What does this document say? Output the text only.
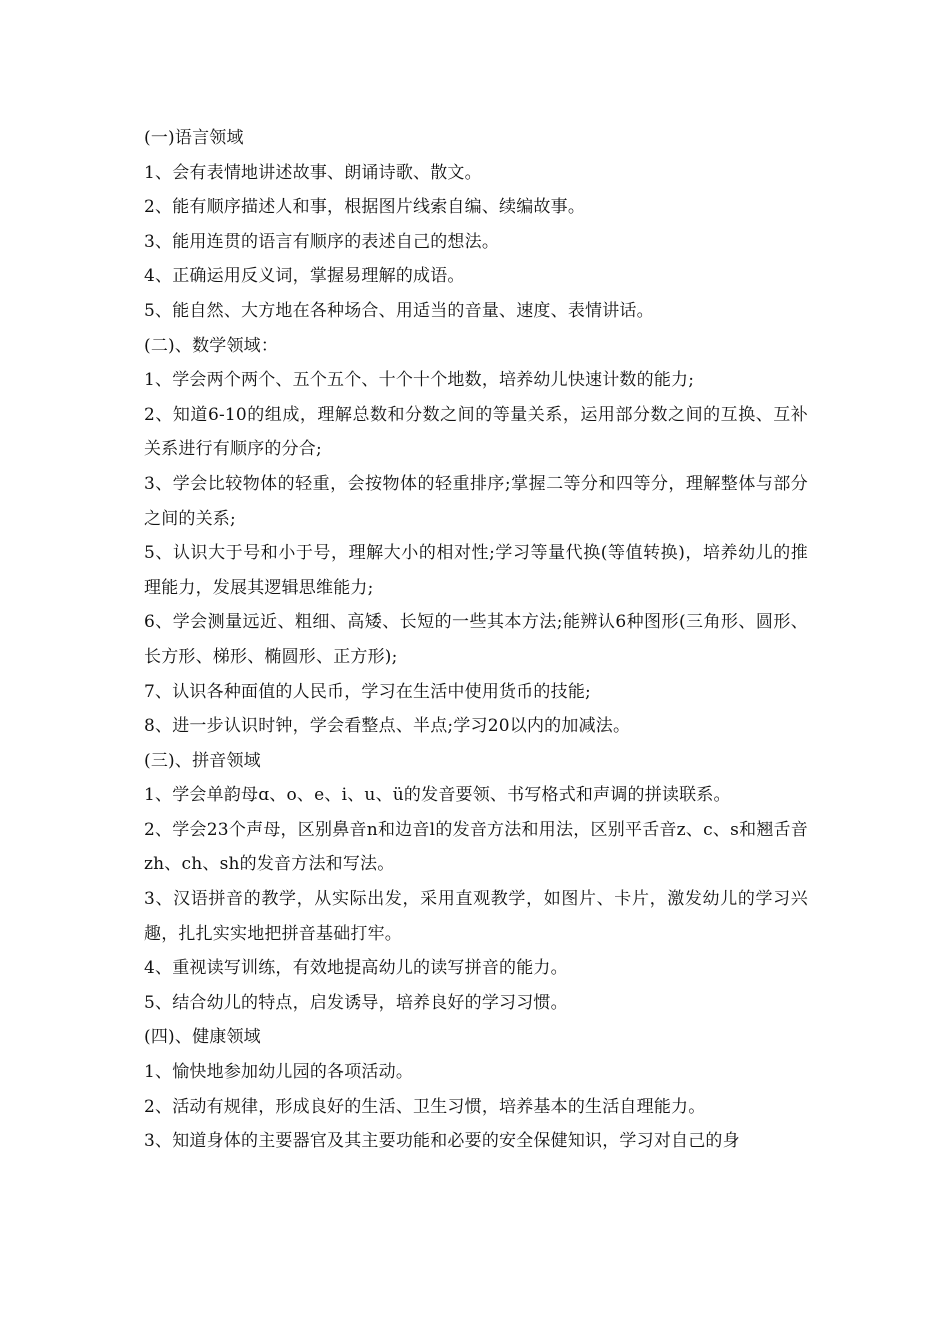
(一)语言领域

1、会有表情地讲述故事、朗诵诗歌、散文。

2、能有顺序描述人和事，根据图片线索自编、续编故事。

3、能用连贯的语言有顺序的表述自己的想法。

4、正确运用反义词，掌握易理解的成语。

5、能自然、大方地在各种场合、用适当的音量、速度、表情讲话。

(二)、数学领域：

1、学会两个两个、五个五个、十个十个地数，培养幼儿快速计数的能力;

2、知道6-10的组成，理解总数和分数之间的等量关系，运用部分数之间的互换、互补关系进行有顺序的分合;

3、学会比较物体的轻重，会按物体的轻重排序;掌握二等分和四等分，理解整体与部分之间的关系;

5、认识大于号和小于号，理解大小的相对性;学习等量代换(等值转换)，培养幼儿的推理能力，发展其逻辑思维能力;

6、学会测量远近、粗细、高矮、长短的一些其本方法;能辨认6种图形(三角形、圆形、长方形、梯形、椭圆形、正方形);

7、认识各种面值的人民币，学习在生活中使用货币的技能;

8、进一步认识时钟，学会看整点、半点;学习20以内的加减法。

(三)、拼音领域

1、学会单韵母ɑ、o、e、i、u、ü的发音要领、书写格式和声调的拼读联系。

2、学会23个声母，区别鼻音n和边音l的发音方法和用法，区别平舌音z、c、s和翘舌音zh、ch、sh的发音方法和写法。

3、汉语拼音的教学，从实际出发，采用直观教学，如图片、卡片，激发幼儿的学习兴趣，扎扎实实地把拼音基础打牢。

4、重视读写训练，有效地提高幼儿的读写拼音的能力。

5、结合幼儿的特点，启发诱导，培养良好的学习习惯。

(四)、健康领域

1、愉快地参加幼儿园的各项活动。

2、活动有规律，形成良好的生活、卫生习惯，培养基本的生活自理能力。

3、知道身体的主要器官及其主要功能和必要的安全保健知识，学习对自己的身
